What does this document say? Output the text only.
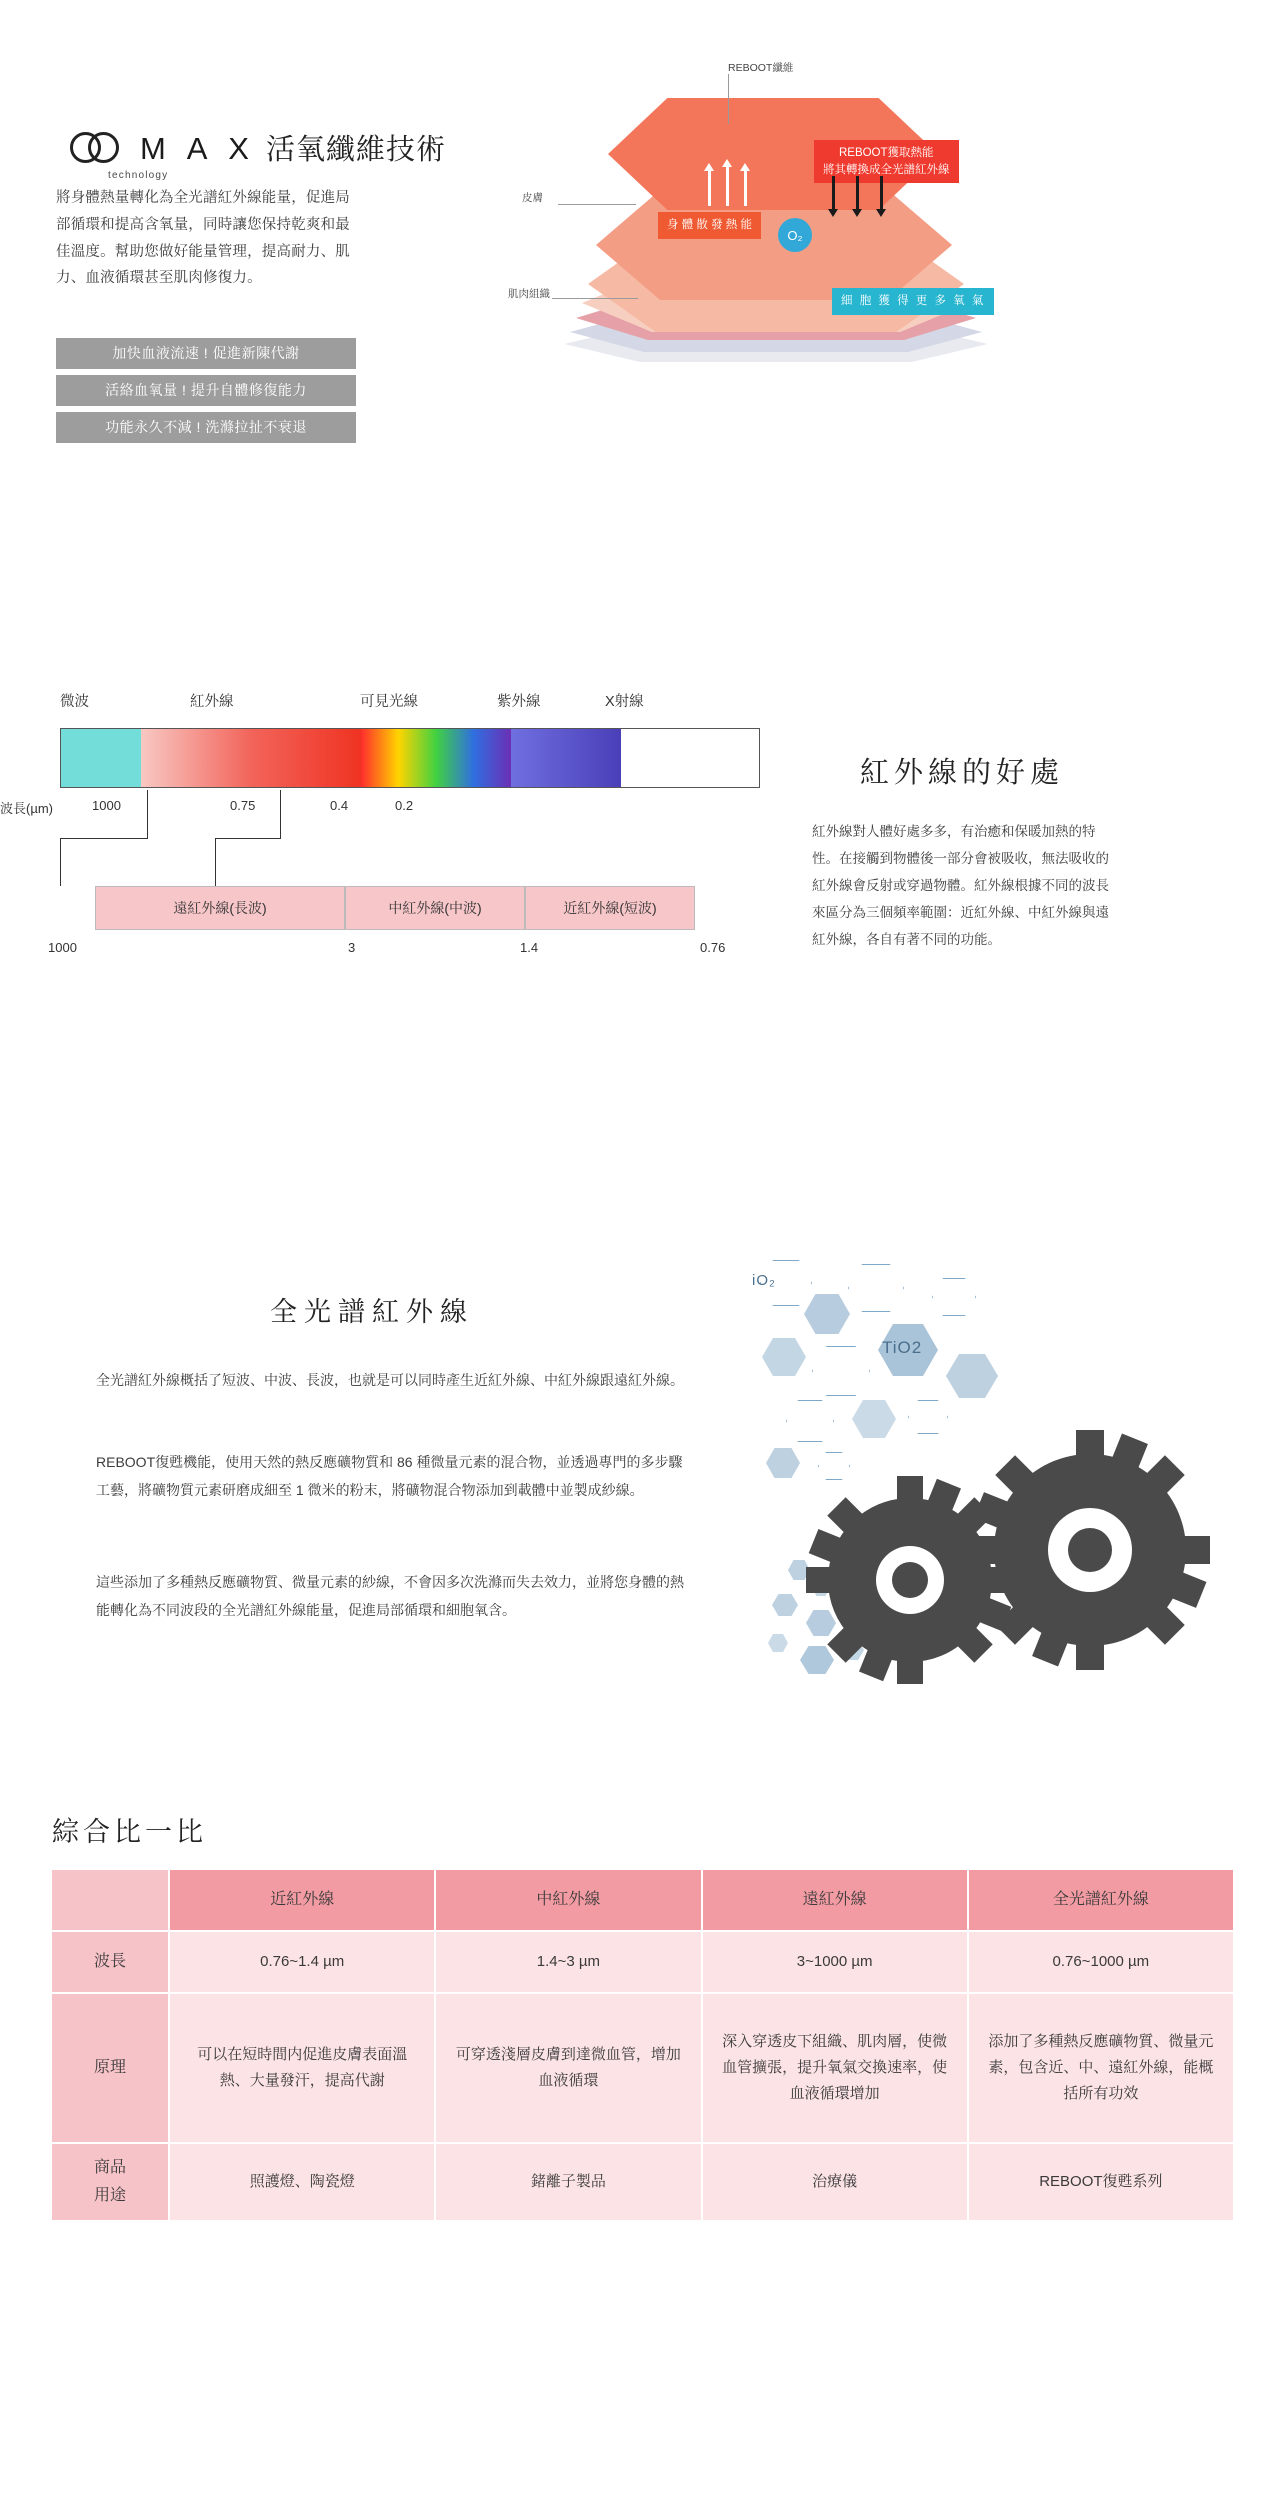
M A X 活氧纖維技術
technology
將身體熱量轉化為全光譜紅外線能量，促進局部循環和提高含氧量，同時讓您保持乾爽和最佳溫度。幫助您做好能量管理，提高耐力、肌力、血液循環甚至肌肉修復力。
加快血液流速 ! 促進新陳代謝
活絡血氧量 ! 提升自體修復能力
功能永久不減 ! 洗滌拉扯不衰退
REBOOT纖維
皮膚
肌肉組織
REBOOT獲取熱能
將其轉換成全光譜紅外線
身 體 散 發 熱 能
細 胞 獲 得 更 多 氧 氣
O₂
微波	紅外線	可見光線	紫外線	X射線
波長(µm)	1000	0.75	0.4	0.2
遠紅外線(長波)	中紅外線(中波)	近紅外線(短波)
1000	3	1.4	0.76
紅外線的好處
紅外線對人體好處多多，有治癒和保暖加熱的特性。在接觸到物體後一部分會被吸收，無法吸收的紅外線會反射或穿過物體。紅外線根據不同的波長來區分為三個頻率範圍：近紅外線、中紅外線與遠紅外線，各自有著不同的功能。
全光譜紅外線
全光譜紅外線概括了短波、中波、長波，也就是可以同時產生近紅外線、中紅外線跟遠紅外線。
REBOOT復甦機能，使用天然的熱反應礦物質和 86 種微量元素的混合物，並透過專門的多步驟工藝，將礦物質元素研磨成細至 1 微米的粉末，將礦物混合物添加到載體中並製成紗線。
這些添加了多種熱反應礦物質、微量元素的紗線，不會因多次洗滌而失去效力，並將您身體的熱能轉化為不同波段的全光譜紅外線能量，促進局部循環和細胞氧含。
iO₂
TiO2
綜合比一比
	近紅外線	中紅外線	遠紅外線	全光譜紅外線
波長	0.76~1.4 µm	1.4~3 µm	3~1000 µm	0.76~1000 µm
原理	可以在短時間内促進皮膚表面溫熱、大量發汗，提高代謝	可穿透淺層皮膚到達微血管，增加血液循環	深入穿透皮下組織、肌肉層，使微血管擴張，提升氧氣交換速率，使血液循環增加	添加了多種熱反應礦物質、微量元素，包含近、中、遠紅外線，能概括所有功效

商品
用途	照護燈、陶瓷燈	鍺離子製品	治療儀	REBOOT復甦系列
